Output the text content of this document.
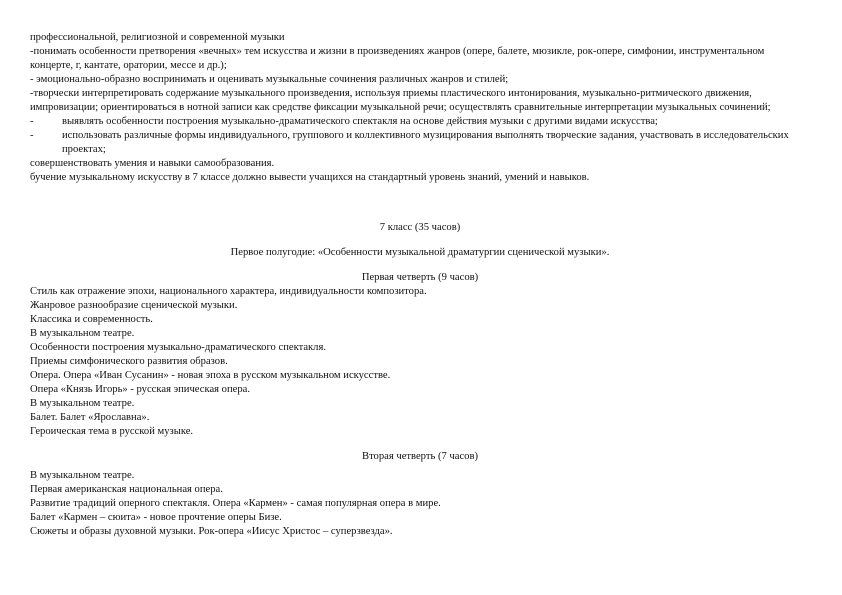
профессиональной, религиозной и современной музыки
-понимать особенности претворения «вечных» тем искусства и жизни в произведениях жанров (опере, балете, мюзикле, рок-опере, симфонии, инструментальном концерте, г, кантате, оратории, мессе и др.);
- эмоционально-образно воспринимать и оценивать музыкальные сочинения различных жанров и стилей;
-творчески интерпретировать содержание музыкального произведения, используя приемы пластического интонирования, музыкально-ритмического движения, импровизации; ориентироваться в нотной записи как средстве фиксации музыкальной речи; осуществлять сравнительные интерпретации музыкальных сочинений;
-	выявлять особенности построения музыкально-драматического спектакля на основе действия музыки с другими видами искусства;
-	использовать различные формы индивидуального, группового и коллективного музицирования выполнять творческие задания, участвовать в исследовательских проектах;
совершенствовать умения и навыки самообразования.
бучение музыкальному искусству в 7 классе должно вывести учащихся на стандартный уровень знаний, умений и навыков.
7 класс (35 часов)
Первое полугодие: «Особенности музыкальной драматургии сценической музыки».
Первая четверть (9 часов)
Стиль как отражение эпохи, национального характера, индивидуальности композитора.
Жанровое разнообразие сценической музыки.
Классика и современность.
В музыкальном театре.
Особенности построения музыкально-драматического спектакля.
Приемы симфонического развития образов.
Опера. Опера «Иван Сусанин» - новая эпоха в русском музыкальном искусстве.
Опера «Князь Игорь» - русская эпическая опера.
В музыкальном театре.
Балет. Балет «Ярославна».
Героическая тема в русской музыке.
Вторая четверть (7 часов)
В музыкальном театре.
Первая американская национальная опера.
Развитие традиций оперного спектакля. Опера «Кармен» - самая популярная опера в мире.
Балет «Кармен – сюита» - новое прочтение оперы Бизе.
Сюжеты и образы духовной музыки. Рок-опера «Иисус Христос – суперзвезда».
